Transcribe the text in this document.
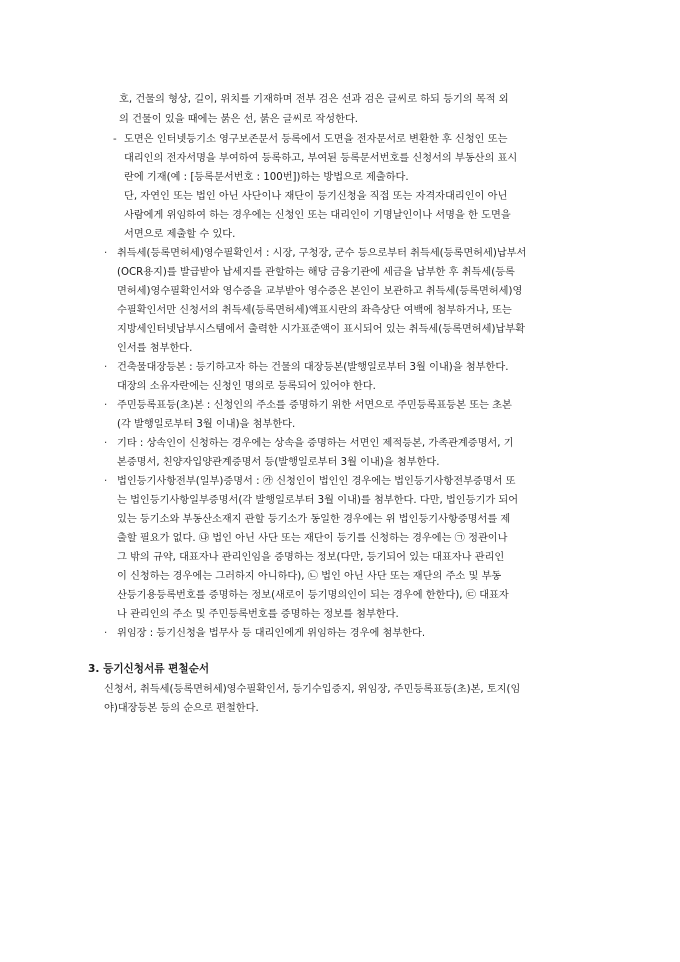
호, 건물의 형상, 길이, 위치를 기재하며 전부 검은 선과 검은 글씨로 하되 등기의 목적 외
의 건물이 있을 때에는 붉은 선, 붉은 글씨로 작성한다.
- 도면은 인터넷등기소 영구보존문서 등록에서 도면을 전자문서로 변환한 후 신청인 또는
대리인의 전자서명을 부여하여 등록하고, 부여된 등록문서번호를 신청서의 부동산의 표시
란에 기재(예 : [등록문서번호 : 100번])하는 방법으로 제출하다.
단, 자연인 또는 법인 아닌 사단이나 재단이 등기신청을 직접 또는 자격자대리인이 아닌
사람에게 위임하여 하는 경우에는 신청인 또는 대리인이 기명날인이나 서명을 한 도면을
서면으로 제출할 수 있다.
· 취득세(등록면허세)영수필확인서 : 시장, 구청장, 군수 등으로부터 취득세(등록면허세)납부서
(OCR용지)를 발급받아 납세지를 관할하는 해당 금융기관에 세금을 납부한 후 취득세(등록
면허세)영수필확인서와 영수증을 교부받아 영수증은 본인이 보관하고 취득세(등록면허세)영
수필확인서만 신청서의 취득세(등록면허세)액표시란의 좌측상단 여백에 첨부하거나, 또는
지방세인터넷납부시스템에서 출력한 시가표준액이 표시되어 있는 취득세(등록면허세)납부확
인서를 첨부한다.
· 건축물대장등본 : 등기하고자 하는 건물의 대장등본(발행일로부터 3월 이내)을 첨부한다.
대장의 소유자란에는 신청인 명의로 등록되어 있어야 한다.
· 주민등록표등(초)본 : 신청인의 주소를 증명하기 위한 서면으로 주민등록표등본 또는 초본
(각 발행일로부터 3월 이내)을 첨부한다.
· 기타 : 상속인이 신청하는 경우에는 상속을 증명하는 서면인 제적등본, 가족관계증명서, 기
본증명서, 친양자입양관계증명서 등(발행일로부터 3월 이내)을 첨부한다.
· 법인등기사항전부(일부)증명서 : ㉮ 신청인이 법인인 경우에는 법인등기사항전부증명서 또
는 법인등기사항일부증명서(각 발행일로부터 3월 이내)를 첨부한다. 다만, 법인등기가 되어
있는 등기소와 부동산소재지 관할 등기소가 동일한 경우에는 위 법인등기사항증명서를 제
출할 필요가 없다. ㉯ 법인 아닌 사단 또는 재단이 등기를 신청하는 경우에는 ㉠ 정관이나
그 밖의 규약, 대표자나 관리인임을 증명하는 정보(다만, 등기되어 있는 대표자나 관리인
이 신청하는 경우에는 그러하지 아니하다), ㉡ 법인 아닌 사단 또는 재단의 주소 및 부동
산등기용등록번호를 증명하는 정보(새로이 등기명의인이 되는 경우에 한한다), ㉢ 대표자
나 관리인의 주소 및 주민등록번호를 증명하는 정보를 첨부한다.
· 위임장 : 등기신청을 법무사 등 대리인에게 위임하는 경우에 첨부한다.
3. 등기신청서류 편철순서
신청서, 취득세(등록면허세)영수필확인서, 등기수입증지, 위임장, 주민등록표등(초)본, 토지(임
야)대장등본 등의 순으로 편철한다.
